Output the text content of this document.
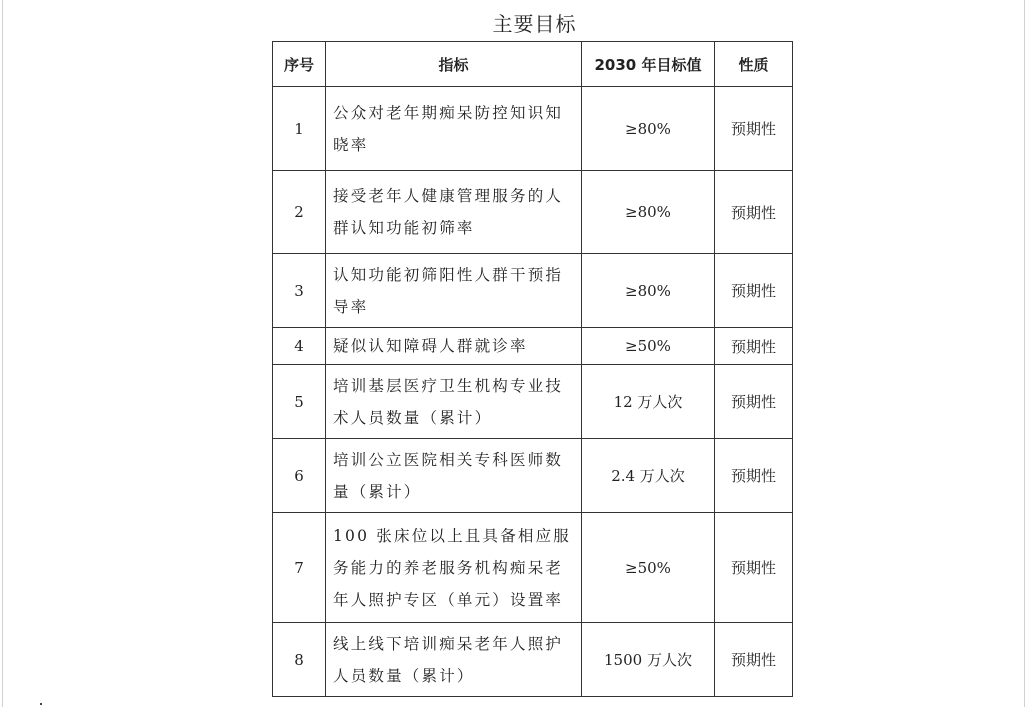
主要目标
序号	指标	2030 年目标值	性质
1	公众对老年期痴呆防控知识知晓率	≥80%	预期性
2	接受老年人健康管理服务的人群认知功能初筛率	≥80%	预期性
3	认知功能初筛阳性人群干预指导率	≥80%	预期性
4	疑似认知障碍人群就诊率	≥50%	预期性
5	培训基层医疗卫生机构专业技术人员数量（累计）	12 万人次	预期性
6	培训公立医院相关专科医师数量（累计）	2.4 万人次	预期性
7	100 张床位以上且具备相应服务能力的养老服务机构痴呆老年人照护专区（单元）设置率	≥50%	预期性
8	线上线下培训痴呆老年人照护人员数量（累计）	1500 万人次	预期性
